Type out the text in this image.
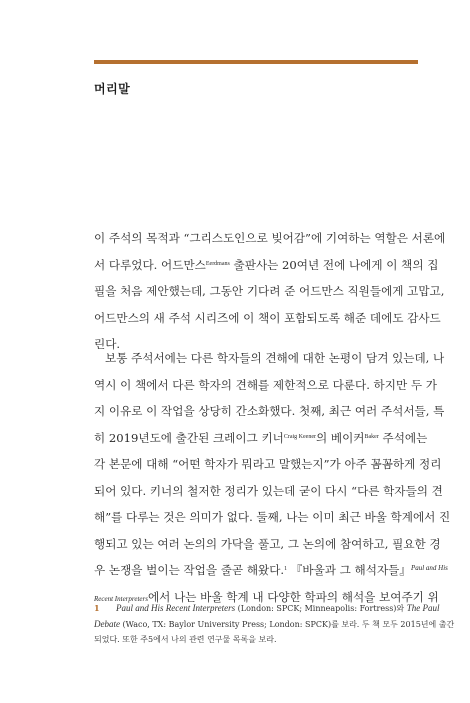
머리말
이 주석의 목적과 “그리스도인으로 빚어감”에 기여하는 역할은 서론에
서 다루었다. 어드만스$^{Eerdmans}$ 출판사는 20여년 전에 나에게 이 책의 집
필을 처음 제안했는데, 그동안 기다려 준 어드만스 직원들에게 고맙고,
어드만스의 새 주석 시리즈에 이 책이 포함되도록 해준 데에도 감사드
린다.
보통 주석서에는 다른 학자들의 견해에 대한 논평이 담겨 있는데, 나
역시 이 책에서 다른 학자의 견해를 제한적으로 다룬다. 하지만 두 가
지 이유로 이 작업을 상당히 간소화했다. 첫째, 최근 여러 주석서들, 특
히 2019년도에 출간된 크레이그 키너$^{Craig Keener}$의 베이커$^{Baker}$ 주석에는
각 본문에 대해 “어떤 학자가 뭐라고 말했는지”가 아주 꼼꼼하게 정리
되어 있다. 키너의 철저한 정리가 있는데 굳이 다시 “다른 학자들의 견
해”를 다루는 것은 의미가 없다. 둘째, 나는 이미 최근 바울 학계에서 진
행되고 있는 여러 논의의 가닥을 풀고, 그 논의에 참여하고, 필요한 경
우 논쟁을 벌이는 작업을 줄곧 해왔다.$^1$ 『바울과 그 해석자들』$^{Paul and His}$
Recent Interpreters에서 나는 바울 학계 내 다양한 학파의 해석을 보여주기 위
1 Paul and His Recent Interpreters (London: SPCK; Minneapolis: Fortress)와 The Paul
Debate (Waco, TX: Baylor University Press; London: SPCK)를 보라. 두 책 모두 2015년에 출간
되었다. 또한 주5에서 나의 관련 연구물 목록을 보라.
